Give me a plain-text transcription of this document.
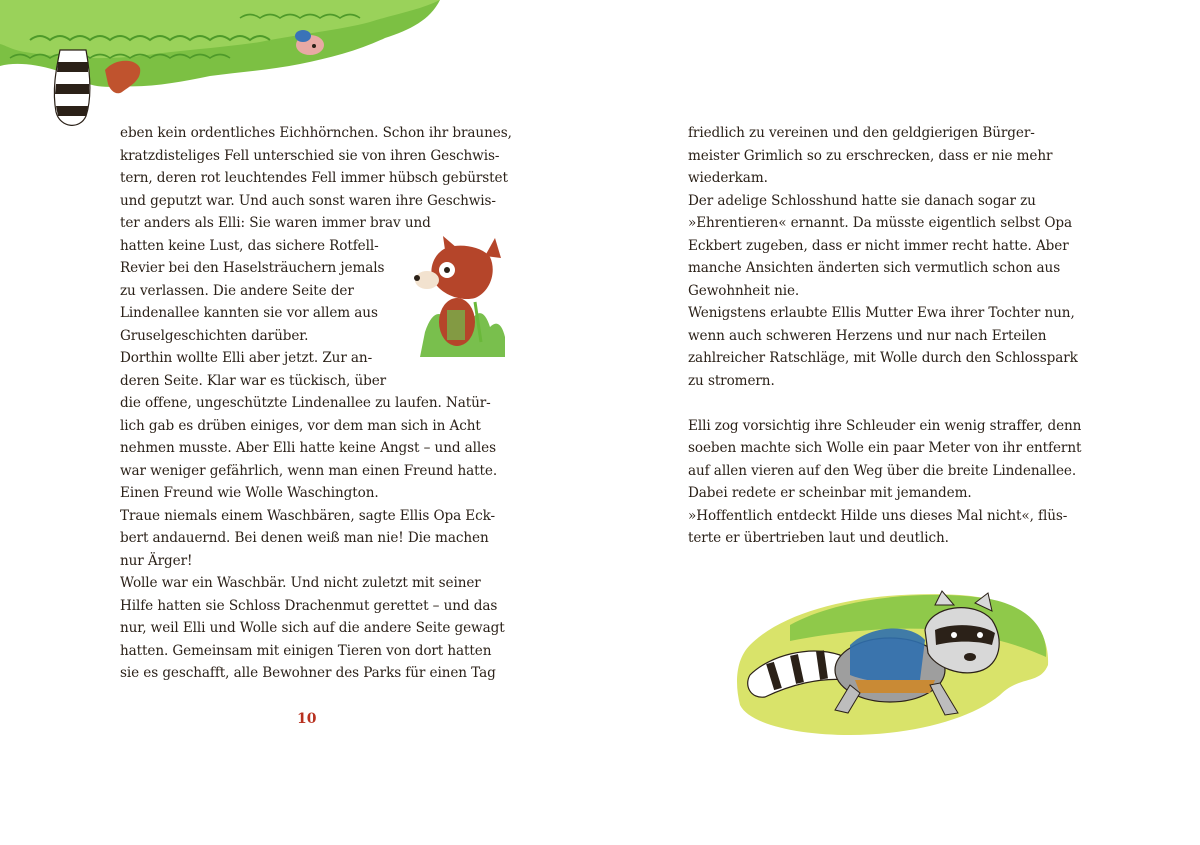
eben kein ordentliches Eichhörnchen. Schon ihr braunes,
kratzdisteliges Fell unterschied sie von ihren Geschwis-
tern, deren rot leuchtendes Fell immer hübsch gebürstet
und geputzt war. Und auch sonst waren ihre Geschwis-
ter anders als Elli: Sie waren immer brav und
hatten keine Lust, das sichere Rotfell-
Revier bei den Haselsträuchern jemals
zu verlassen. Die andere Seite der
Lindenallee kannten sie vor allem aus
Gruselgeschichten darüber.
Dorthin wollte Elli aber jetzt. Zur an-
deren Seite. Klar war es tückisch, über
die offene, ungeschützte Lindenallee zu laufen. Natür-
lich gab es drüben einiges, vor dem man sich in Acht
nehmen musste. Aber Elli hatte keine Angst – und alles
war weniger gefährlich, wenn man einen Freund hatte.
Einen Freund wie Wolle Waschington.
Traue niemals einem Waschbären, sagte Ellis Opa Eck-
bert andauernd. Bei denen weiß man nie! Die machen
nur Ärger!
Wolle war ein Waschbär. Und nicht zuletzt mit seiner
Hilfe hatten sie Schloss Drachenmut gerettet – und das
nur, weil Elli und Wolle sich auf die andere Seite gewagt
hatten. Gemeinsam mit einigen Tieren von dort hatten
sie es geschafft, alle Bewohner des Parks für einen Tag
10
friedlich zu vereinen und den geldgierigen Bürger-
meister Grimlich so zu erschrecken, dass er nie mehr
wiederkam.
Der adelige Schlosshund hatte sie danach sogar zu
»Ehrentieren« ernannt. Da müsste eigentlich selbst Opa
Eckbert zugeben, dass er nicht immer recht hatte. Aber
manche Ansichten änderten sich vermutlich schon aus
Gewohnheit nie.
Wenigstens erlaubte Ellis Mutter Ewa ihrer Tochter nun,
wenn auch schweren Herzens und nur nach Erteilen
zahlreicher Ratschläge, mit Wolle durch den Schlosspark
zu stromern.
Elli zog vorsichtig ihre Schleuder ein wenig straffer, denn
soeben machte sich Wolle ein paar Meter von ihr entfernt
auf allen vieren auf den Weg über die breite Lindenallee.
Dabei redete er scheinbar mit jemandem.
»Hoffentlich entdeckt Hilde uns dieses Mal nicht«, flüs-
terte er übertrieben laut und deutlich.
